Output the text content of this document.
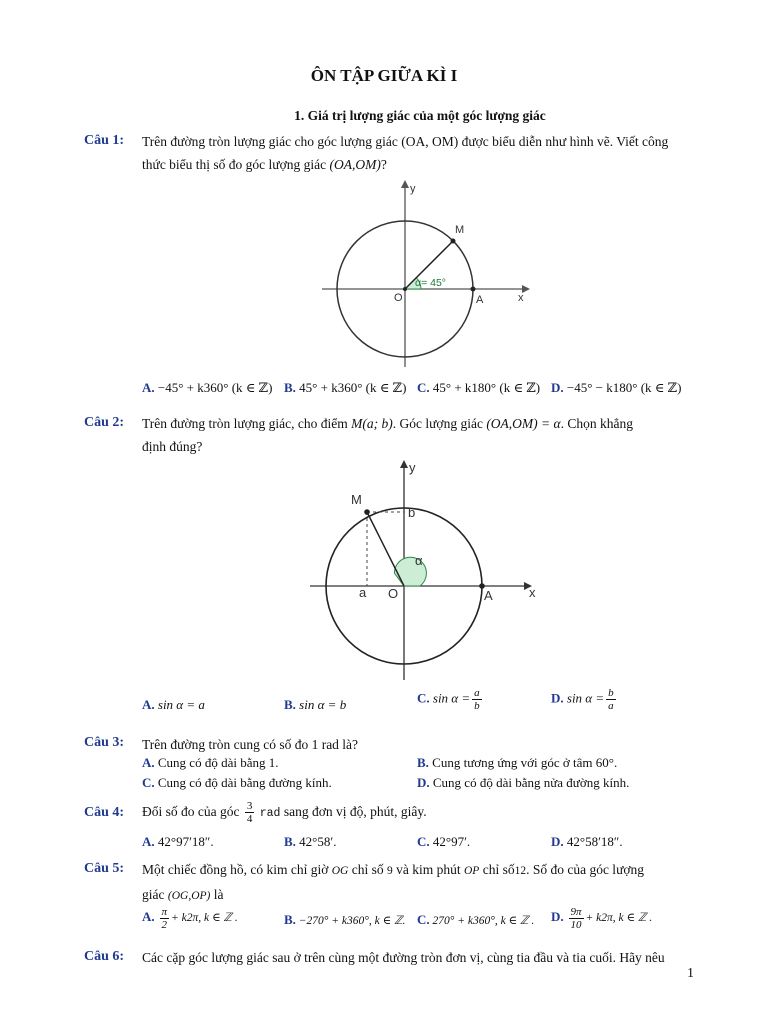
ÔN TẬP GIỮA KÌ I
1. Giá trị lượng giác của một góc lượng giác
Câu 1: Trên đường tròn lượng giác cho góc lượng giác (OA, OM) được biểu diễn như hình vẽ. Viết công
thức biểu thị số đo góc lượng giác (OA,OM)?
y
x
M
O	A
α= 45°
A. −45° + k360° (k ∈ ℤ) B. 45° + k360° (k ∈ ℤ) C. 45° + k180° (k ∈ ℤ) D. −45° − k180° (k ∈ ℤ)
Câu 2: Trên đường tròn lượng giác, cho điểm M(a; b). Góc lượng giác (OA,OM) = α. Chọn khẳng
định đúng?
y
x
M
b
a
α
O	A
A. sin α = a	B. sin α = b	C. $\sin \alpha = \frac{a}{b}$	D. $\sin \alpha = \frac{b}{a}$
Câu 3: Trên đường tròn cung có số đo 1 rad là?
A. Cung có độ dài bằng 1.	B. Cung tương ứng với góc ở tâm 60°.
C. Cung có độ dài bằng đường kính.	D. Cung có độ dài bằng nửa đường kính.
Câu 4: Đổi số đo của góc $\frac{3}{4}$ rad sang đơn vị độ, phút, giây.
A. 42°97′18″.	B. 42°58′.	C. 42°97′.	D. 42°58′18″.
Câu 5: Một chiếc đồng hồ, có kim chỉ giờ OG chỉ số 9 và kim phút OP chỉ số12. Số đo của góc lượng
giác (OG,OP) là
A. $\frac{\pi}{2} + k2\pi$, k ∈ ℤ .	B. −270° + k360°, k ∈ ℤ. C. 270° + k360°, k ∈ ℤ . D. $\frac{9\pi}{10} + k2\pi$, k ∈ ℤ .
Câu 6: Các cặp góc lượng giác sau ở trên cùng một đường tròn đơn vị, cùng tia đầu và tia cuối. Hãy nêu
1
